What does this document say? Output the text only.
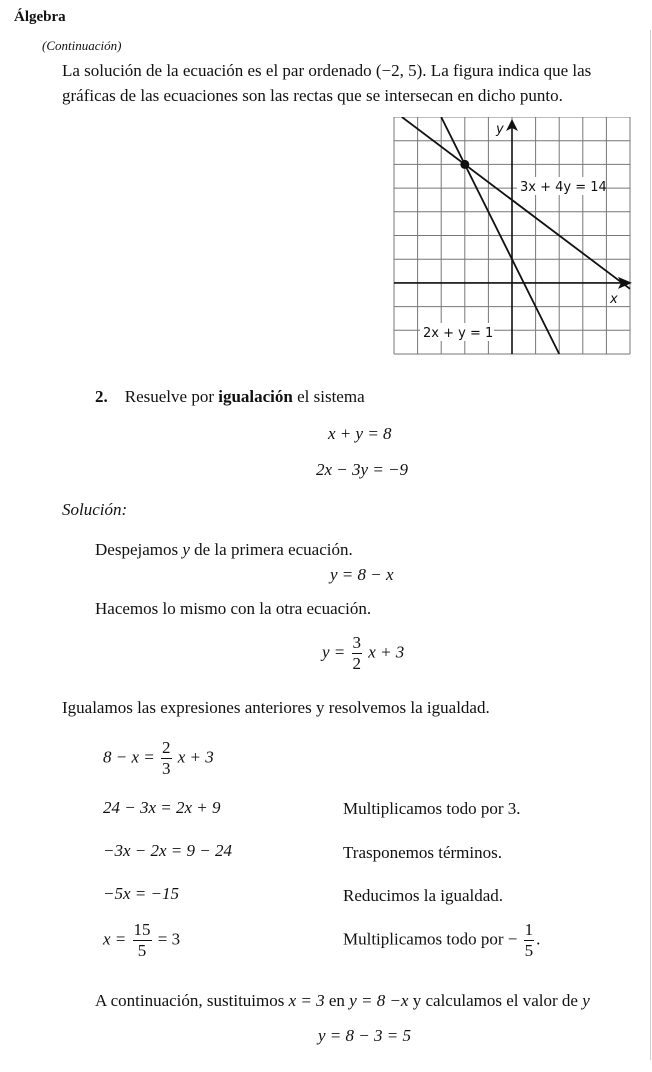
Álgebra
(Continuación)
La solución de la ecuación es el par ordenado (−2, 5). La figura indica que las
gráficas de las ecuaciones son las rectas que se intersecan en dicho punto.
3x + 4y = 14
2x + y = 1
x
y
2. Resuelve por igualación el sistema
x + y = 8
2x − 3y = −9
Solución:
Despejamos y de la primera ecuación.
y = 8 − x
Hacemos lo mismo con la otra ecuación.
$y = \frac{3}{2}$ x + 3
Igualamos las expresiones anteriores y resolvemos la igualdad.
$8 - x = \frac{2}{3}$ x + 3
24 − 3x = 2x + 9	Multiplicamos todo por 3.
−3x − 2x = 9 − 24	Trasponemos términos.
−5x = −15	Reducimos la igualdad.
$x = \frac{15}{5} = 3$	Multiplicamos todo por − $\frac{1}{5}$ .
A continuación, sustituimos x = 3 en y = 8 −x y calculamos el valor de y
y = 8 − 3 = 5
